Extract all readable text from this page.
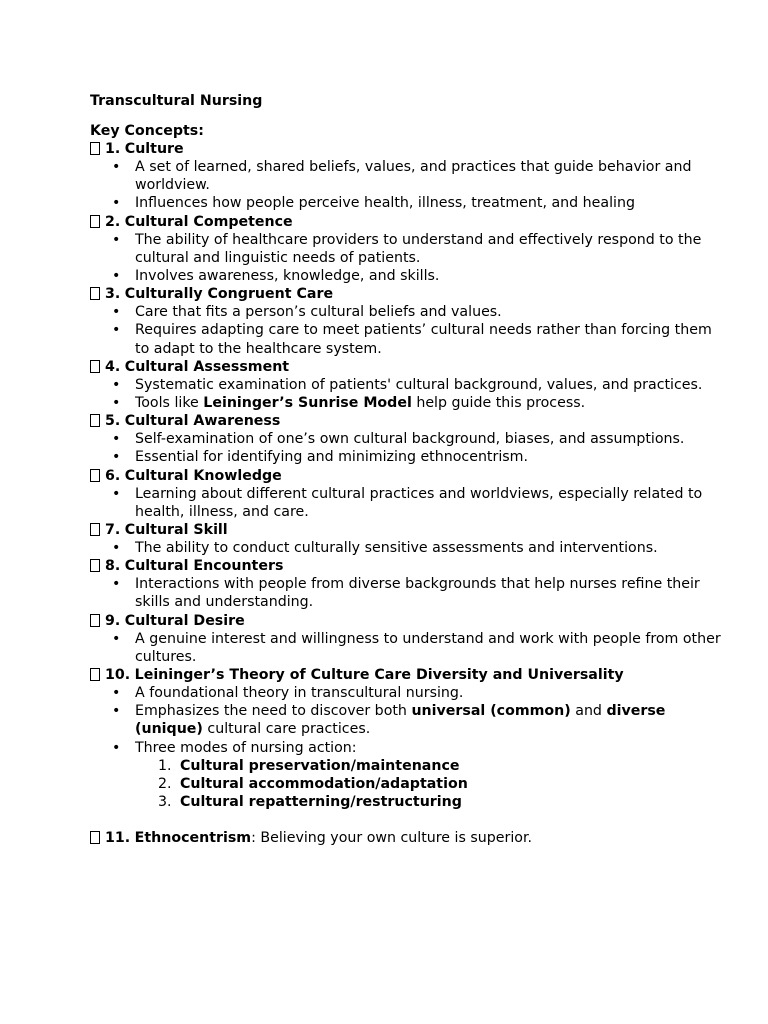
Transcultural Nursing
Key Concepts:
1. Culture
•
A set of learned, shared beliefs, values, and practices that guide behavior and worldview.
•
Influences how people perceive health, illness, treatment, and healing
2. Cultural Competence
•
The ability of healthcare providers to understand and effectively respond to the cultural and linguistic needs of patients.
•
Involves awareness, knowledge, and skills.
3. Culturally Congruent Care
•
Care that fits a person’s cultural beliefs and values.
•
Requires adapting care to meet patients’ cultural needs rather than forcing them to adapt to the healthcare system.
4. Cultural Assessment
•
Systematic examination of patients' cultural background, values, and practices.
•
Tools like Leininger’s Sunrise Model help guide this process.
5. Cultural Awareness
•
Self-examination of one’s own cultural background, biases, and assumptions.
•
Essential for identifying and minimizing ethnocentrism.
6. Cultural Knowledge
•
Learning about different cultural practices and worldviews, especially related to health, illness, and care.
7. Cultural Skill
•
The ability to conduct culturally sensitive assessments and interventions.
8. Cultural Encounters
•
Interactions with people from diverse backgrounds that help nurses refine their skills and understanding.
9. Cultural Desire
•
A genuine interest and willingness to understand and work with people from other cultures.
10. Leininger’s Theory of Culture Care Diversity and Universality
•
A foundational theory in transcultural nursing.
•
Emphasizes the need to discover both universal (common) and diverse (unique) cultural care practices.
•
Three modes of nursing action:
1. Cultural preservation/maintenance
2. Cultural accommodation/adaptation
3. Cultural repatterning/restructuring
11. Ethnocentrism: Believing your own culture is superior.
